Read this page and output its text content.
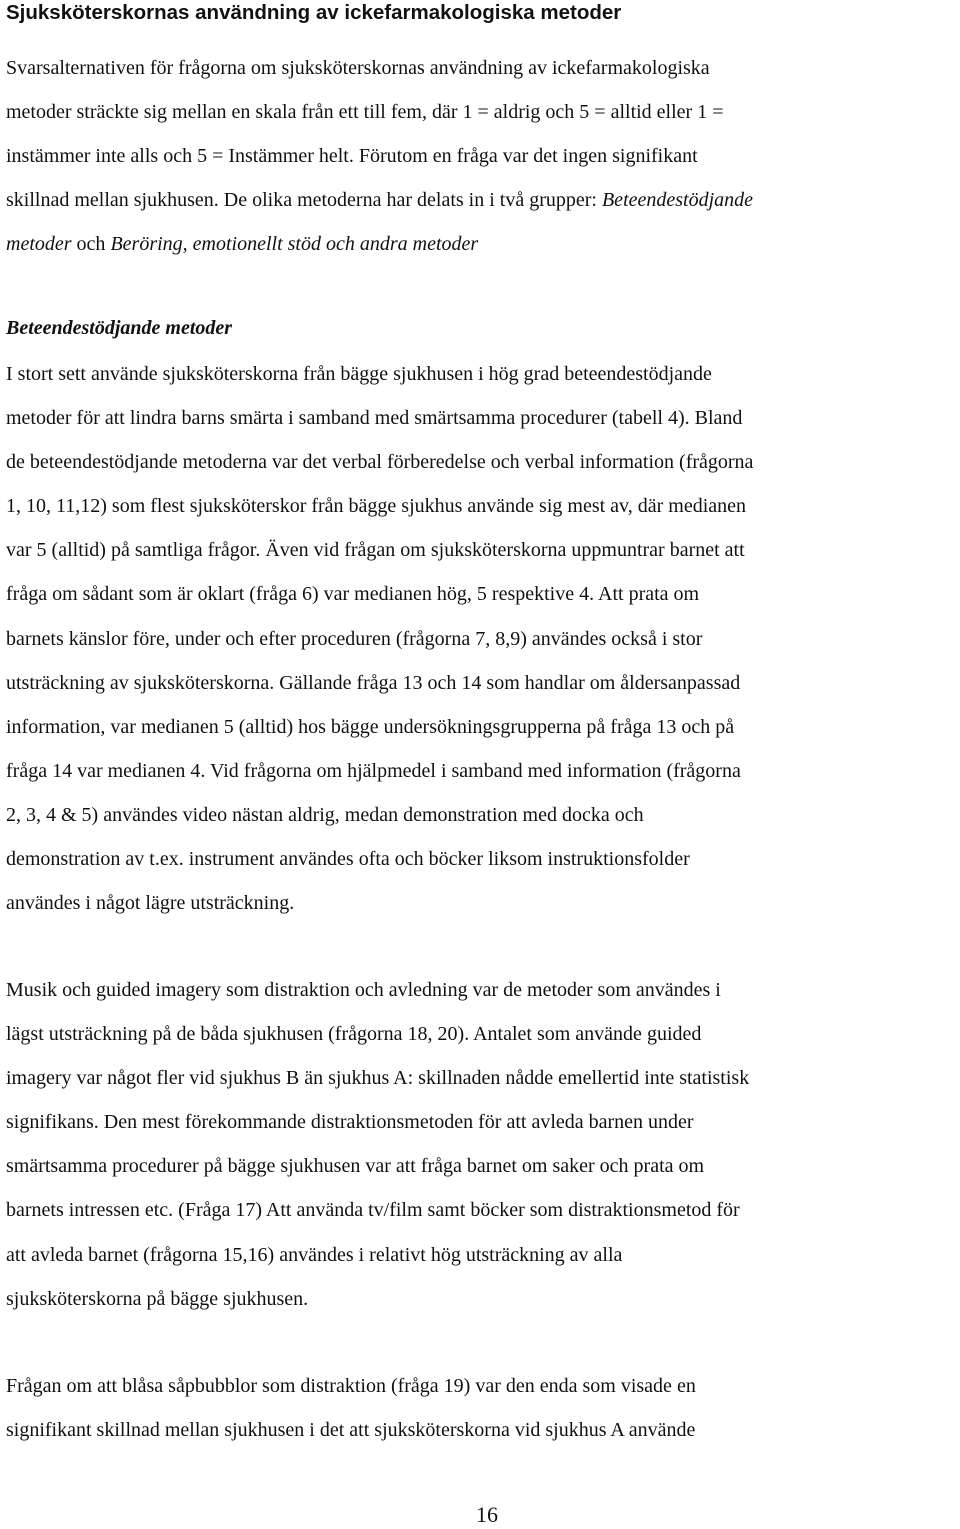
Sjuksköterskornas användning av ickefarmakologiska metoder
Svarsalternativen för frågorna om sjuksköterskornas användning av ickefarmakologiska
metoder sträckte sig mellan en skala från ett till fem, där 1 = aldrig och 5 = alltid eller 1 =
instämmer inte alls och 5 = Instämmer helt. Förutom en fråga var det ingen signifikant
skillnad mellan sjukhusen. De olika metoderna har delats in i två grupper: Beteendestödjande
metoder och Beröring, emotionellt stöd och andra metoder
Beteendestödjande metoder
I stort sett använde sjuksköterskorna från bägge sjukhusen i hög grad beteendestödjande
metoder för att lindra barns smärta i samband med smärtsamma procedurer (tabell 4). Bland
de beteendestödjande metoderna var det verbal förberedelse och verbal information (frågorna
1, 10, 11,12) som flest sjuksköterskor från bägge sjukhus använde sig mest av, där medianen
var 5 (alltid) på samtliga frågor. Även vid frågan om sjuksköterskorna uppmuntrar barnet att
fråga om sådant som är oklart (fråga 6) var medianen hög, 5 respektive 4. Att prata om
barnets känslor före, under och efter proceduren (frågorna 7, 8,9) användes också i stor
utsträckning av sjuksköterskorna. Gällande fråga 13 och 14 som handlar om åldersanpassad
information, var medianen 5 (alltid) hos bägge undersökningsgrupperna på fråga 13 och på
fråga 14 var medianen 4. Vid frågorna om hjälpmedel i samband med information (frågorna
2, 3, 4 & 5) användes video nästan aldrig, medan demonstration med docka och
demonstration av t.ex. instrument användes ofta och böcker liksom instruktionsfolder
användes i något lägre utsträckning.
Musik och guided imagery som distraktion och avledning var de metoder som användes i
lägst utsträckning på de båda sjukhusen (frågorna 18, 20). Antalet som använde guided
imagery var något fler vid sjukhus B än sjukhus A: skillnaden nådde emellertid inte statistisk
signifikans. Den mest förekommande distraktionsmetoden för att avleda barnen under
smärtsamma procedurer på bägge sjukhusen var att fråga barnet om saker och prata om
barnets intressen etc. (Fråga 17) Att använda tv/film samt böcker som distraktionsmetod för
att avleda barnet (frågorna 15,16) användes i relativt hög utsträckning av alla
sjuksköterskorna på bägge sjukhusen.
Frågan om att blåsa såpbubblor som distraktion (fråga 19) var den enda som visade en
signifikant skillnad mellan sjukhusen i det att sjuksköterskorna vid sjukhus A använde
16
